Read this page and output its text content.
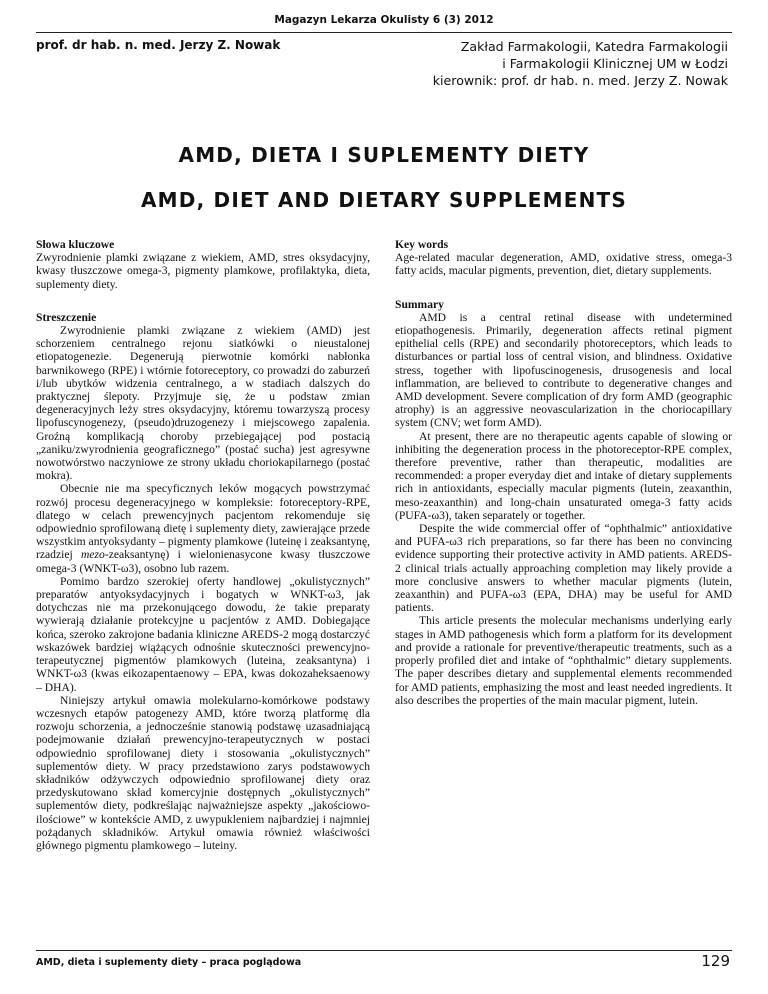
Magazyn Lekarza Okulisty 6 (3) 2012
prof. dr hab. n. med. Jerzy Z. Nowak	Zakład Farmakologii, Katedra Farmakologii
i Farmakologii Klinicznej UM w Łodzi
kierownik: prof. dr hab. n. med. Jerzy Z. Nowak
AMD, DIETA I SUPLEMENTY DIETY
AMD, DIET AND DIETARY SUPPLEMENTS

Słowa kluczowe

Zwyrodnienie plamki związane z wiekiem, AMD, stres oksydacyjny, kwasy tłuszczowe omega-3, pigmenty plamkowe, profilaktyka, dieta, suplementy diety.

Streszczenie

Zwyrodnienie plamki związane z wiekiem (AMD) jest schorzeniem centralnego rejonu siatkówki o nieustalonej etiopatogenezie. Degenerują pierwotnie komórki nabłonka barwnikowego (RPE) i wtórnie fotoreceptory, co prowadzi do zaburzeń i/lub ubytków widzenia centralnego, a w stadiach dalszych do praktycznej ślepoty. Przyjmuje się, że u podstaw zmian degeneracyjnych leży stres oksydacyjny, któremu towarzyszą procesy lipofuscynogenezy, (pseudo)druzogenezy i miejscowego zapalenia. Groźną komplikacją choroby przebiegającej pod postacią „zaniku/zwyrodnienia geograficznego” (postać sucha) jest agresywne nowotwórstwo naczyniowe ze strony układu choriokapilarnego (postać mokra).

Obecnie nie ma specyficznych leków mogących powstrzymać rozwój procesu degeneracyjnego w kompleksie: fotoreceptory-RPE, dlatego w celach prewencyjnych pacjentom rekomenduje się odpowiednio sprofilowaną dietę i suplementy diety, zawierające przede wszystkim antyoksydanty – pigmenty plamkowe (luteinę i zeaksantynę, rzadziej mezo-zeaksantynę) i wielonienasycone kwasy tłuszczowe omega-3 (WNKT-ω3), osobno lub razem.

Pomimo bardzo szerokiej oferty handlowej „okulistycznych” preparatów antyoksydacyjnych i bogatych w WNKT-ω3, jak dotychczas nie ma przekonującego dowodu, że takie preparaty wywierają działanie protekcyjne u pacjentów z AMD. Dobiegające końca, szeroko zakrojone badania kliniczne AREDS-2 mogą dostarczyć wskazówek bardziej wiążących odnośnie skuteczności prewencyjno-terapeutycznej pigmentów plamkowych (luteina, zeaksantyna) i WNKT-ω3 (kwas eikozapentaenowy – EPA, kwas dokozaheksaenowy – DHA).

Niniejszy artykuł omawia molekularno-komórkowe podstawy wczesnych etapów patogenezy AMD, które tworzą platformę dla rozwoju schorzenia, a jednocześnie stanowią podstawę uzasadniającą podejmowanie działań prewencyjno-terapeutycznych w postaci odpowiednio sprofilowanej diety i stosowania „okulistycznych” suplementów diety. W pracy przedstawiono zarys podstawowych składników odżywczych odpowiednio sprofilowanej diety oraz przedyskutowano skład komercyjnie dostępnych „okulistycznych” suplementów diety, podkreślając najważniejsze aspekty „jakościowo-ilościowe” w kontekście AMD, z uwypukleniem najbardziej i najmniej pożądanych składników. Artykuł omawia również właściwości głównego pigmentu plamkowego – luteiny.

Key words

Age-related macular degeneration, AMD, oxidative stress, omega-3 fatty acids, macular pigments, prevention, diet, dietary supplements.

Summary

AMD is a central retinal disease with undetermined etiopathogenesis. Primarily, degeneration affects retinal pigment epithelial cells (RPE) and secondarily photoreceptors, which leads to disturbances or partial loss of central vision, and blindness. Oxidative stress, together with lipofuscinogenesis, drusogenesis and local inflammation, are believed to contribute to degenerative changes and AMD development. Severe complication of dry form AMD (geographic atrophy) is an aggressive neovascularization in the choriocapillary system (CNV; wet form AMD).

At present, there are no therapeutic agents capable of slowing or inhibiting the degeneration process in the photoreceptor-RPE complex, therefore preventive, rather than therapeutic, modalities are recommended: a proper everyday diet and intake of dietary supplements rich in antioxidants, especially macular pigments (lutein, zeaxanthin, meso-zeaxanthin) and long-chain unsaturated omega-3 fatty acids (PUFA-ω3), taken separately or together.

Despite the wide commercial offer of “ophthalmic” antioxidative and PUFA-ω3 rich preparations, so far there has been no convincing evidence supporting their protective activity in AMD patients. AREDS-2 clinical trials actually approaching completion may likely provide a more conclusive answers to whether macular pigments (lutein, zeaxanthin) and PUFA-ω3 (EPA, DHA) may be useful for AMD patients.

This article presents the molecular mechanisms underlying early stages in AMD pathogenesis which form a platform for its development and provide a rationale for preventive/therapeutic treatments, such as a properly profiled diet and intake of “ophthalmic” dietary supplements. The paper describes dietary and supplemental elements recommended for AMD patients, emphasizing the most and least needed ingredients. It also describes the properties of the main macular pigment, lutein.

AMD, dieta i suplementy diety – praca poglądowa	129
